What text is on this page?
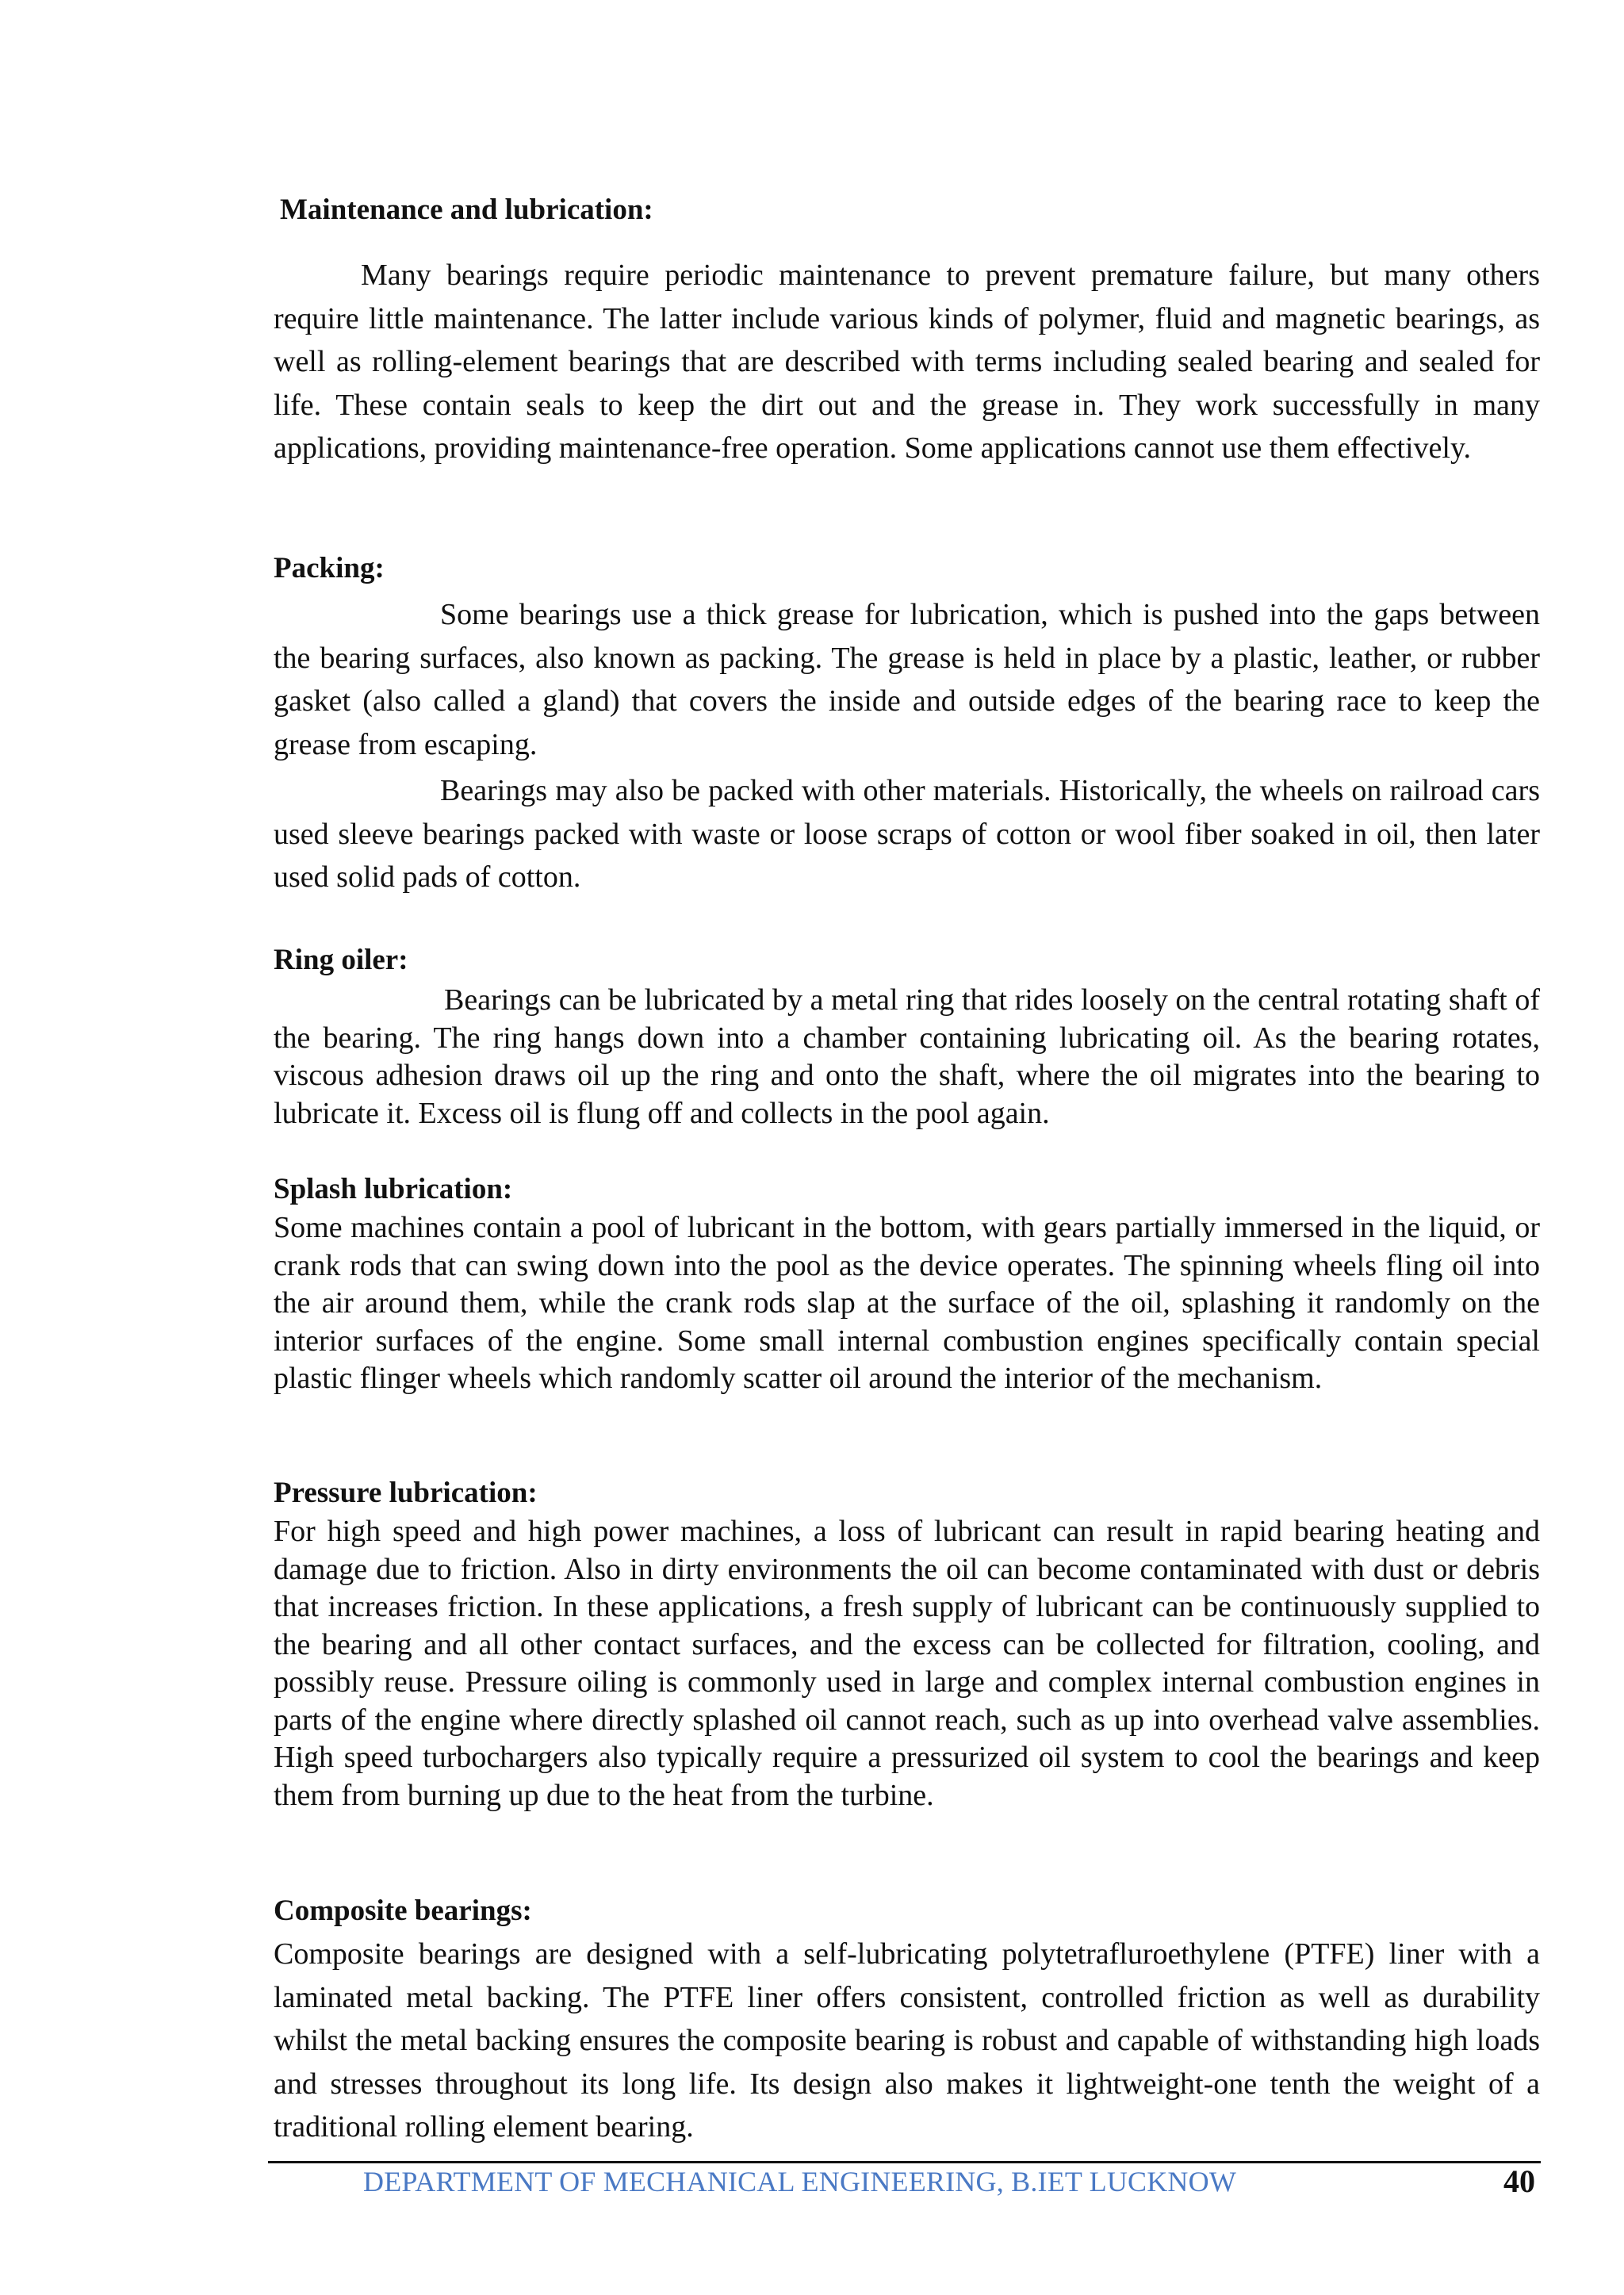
Maintenance and lubrication:

Many bearings require periodic maintenance to prevent premature failure, but many others require little maintenance. The latter include various kinds of polymer, fluid and magnetic bearings, as well as rolling-element bearings that are described with terms including sealed bearing and sealed for life. These contain seals to keep the dirt out and the grease in. They work successfully in many applications, providing maintenance-free operation. Some applications cannot use them effectively.

Packing:

Some bearings use a thick grease for lubrication, which is pushed into the gaps between the bearing surfaces, also known as packing. The grease is held in place by a plastic, leather, or rubber gasket (also called a gland) that covers the inside and outside edges of the bearing race to keep the grease from escaping.

Bearings may also be packed with other materials. Historically, the wheels on railroad cars used sleeve bearings packed with waste or loose scraps of cotton or wool fiber soaked in oil, then later used solid pads of cotton.

Ring oiler:

Bearings can be lubricated by a metal ring that rides loosely on the central rotating shaft of the bearing. The ring hangs down into a chamber containing lubricating oil. As the bearing rotates, viscous adhesion draws oil up the ring and onto the shaft, where the oil migrates into the bearing to lubricate it. Excess oil is flung off and collects in the pool again.

Splash lubrication:

Some machines contain a pool of lubricant in the bottom, with gears partially immersed in the liquid, or crank rods that can swing down into the pool as the device operates. The spinning wheels fling oil into the air around them, while the crank rods slap at the surface of the oil, splashing it randomly on the interior surfaces of the engine. Some small internal combustion engines specifically contain special plastic flinger wheels which randomly scatter oil around the interior of the mechanism.

Pressure lubrication:

For high speed and high power machines, a loss of lubricant can result in rapid bearing heating and damage due to friction. Also in dirty environments the oil can become contaminated with dust or debris that increases friction. In these applications, a fresh supply of lubricant can be continuously supplied to the bearing and all other contact surfaces, and the excess can be collected for filtration, cooling, and possibly reuse. Pressure oiling is commonly used in large and complex internal combustion engines in parts of the engine where directly splashed oil cannot reach, such as up into overhead valve assemblies. High speed turbochargers also typically require a pressurized oil system to cool the bearings and keep them from burning up due to the heat from the turbine.

Composite bearings:

Composite bearings are designed with a self-lubricating polytetrafluroethylene (PTFE) liner with a laminated metal backing. The PTFE liner offers consistent, controlled friction as well as durability whilst the metal backing ensures the composite bearing is robust and capable of withstanding high loads and stresses throughout its long life. Its design also makes it lightweight-one tenth the weight of a traditional rolling element bearing.

DEPARTMENT OF MECHANICAL ENGINEERING, B.IET LUCKNOW	40
